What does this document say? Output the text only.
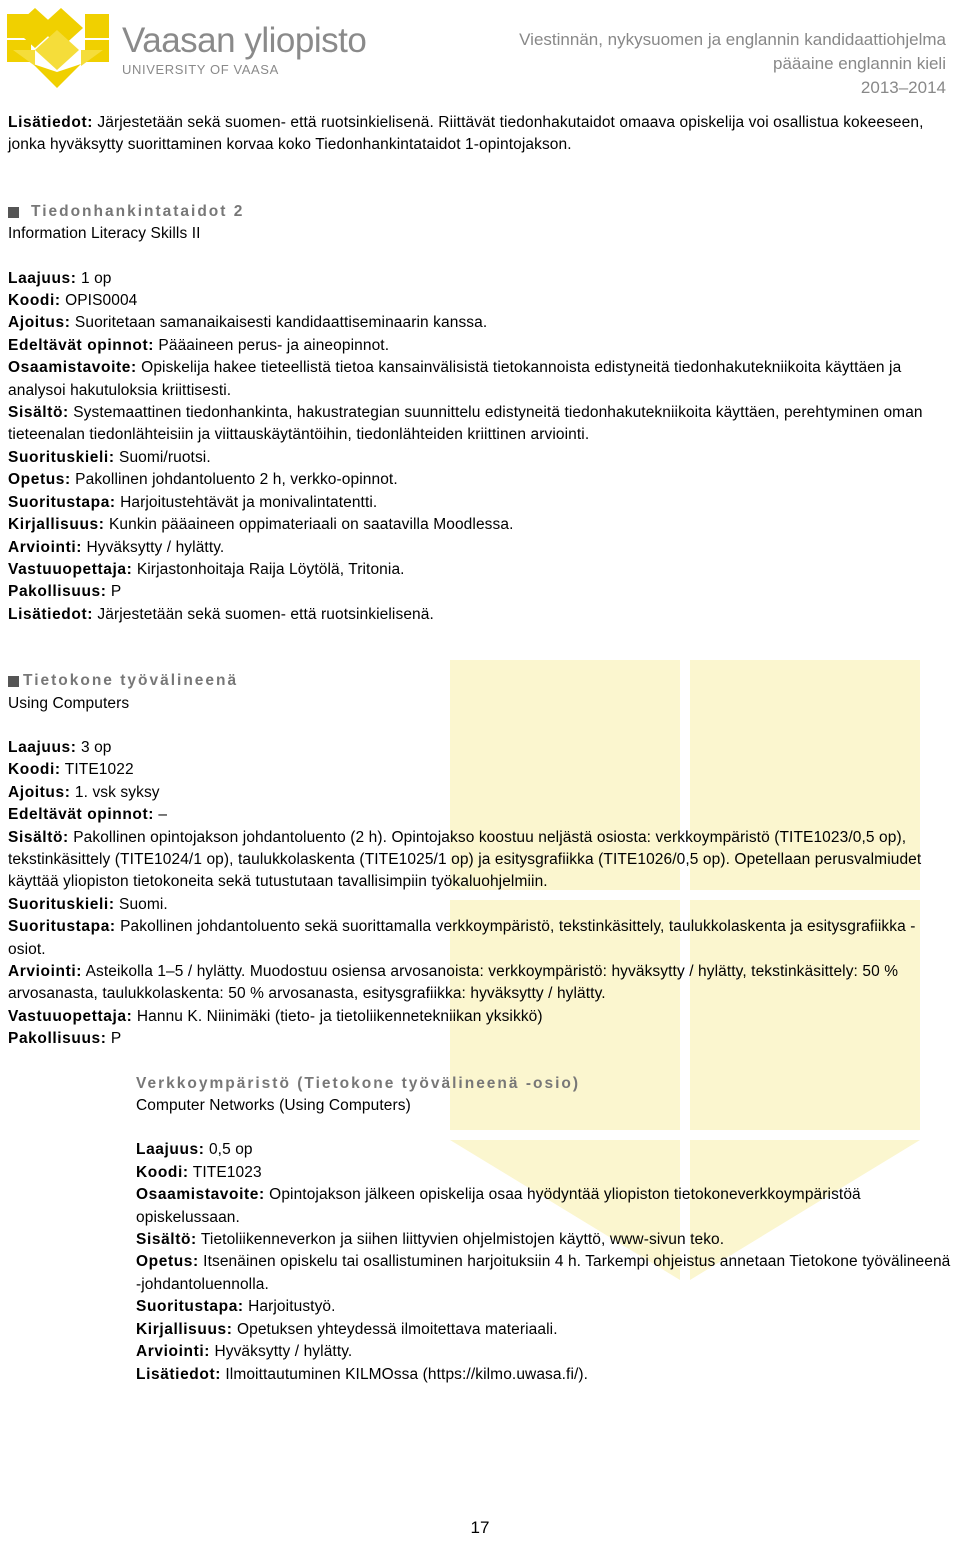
Vaasan yliopisto
UNIVERSITY OF VAASA
Viestinnän, nykysuomen ja englannin kandidaattiohjelma
pääaine englannin kieli
2013–2014

Lisätiedot: Järjestetään sekä suomen- että ruotsinkielisenä. Riittävät tiedonhakutaidot omaava opiskelija voi osallistua kokeeseen, jonka hyväksytty suorittaminen korvaa koko Tiedonhankintataidot 1-opintojakson.

Tiedonhankintataidot 2

Information Literacy Skills II

Laajuus: 1 op

Koodi: OPIS0004

Ajoitus: Suoritetaan samanaikaisesti kandidaattiseminaarin kanssa.

Edeltävät opinnot: Pääaineen perus- ja aineopinnot.

Osaamistavoite: Opiskelija hakee tieteellistä tietoa kansainvälisistä tietokannoista edistyneitä tiedonhakutekniikoita käyttäen ja analysoi hakutuloksia kriittisesti.

Sisältö: Systemaattinen tiedonhankinta, hakustrategian suunnittelu edistyneitä tiedonhakutekniikoita käyttäen, perehtyminen oman tieteenalan tiedonlähteisiin ja viittauskäytäntöihin, tiedonlähteiden kriittinen arviointi.

Suorituskieli: Suomi/ruotsi.

Opetus: Pakollinen johdantoluento 2 h, verkko-opinnot.

Suoritustapa: Harjoitustehtävät ja monivalintatentti.

Kirjallisuus: Kunkin pääaineen oppimateriaali on saatavilla Moodlessa.

Arviointi: Hyväksytty / hylätty.

Vastuuopettaja: Kirjastonhoitaja Raija Löytölä, Tritonia.

Pakollisuus: P

Lisätiedot: Järjestetään sekä suomen- että ruotsinkielisenä.

Tietokone työvälineenä

Using Computers

Laajuus: 3 op

Koodi: TITE1022

Ajoitus: 1. vsk syksy

Edeltävät opinnot: –

Sisältö: Pakollinen opintojakson johdantoluento (2 h). Opintojakso koostuu neljästä osiosta: verkkoympäristö (TITE1023/0,5 op), tekstinkäsittely (TITE1024/1 op), taulukkolaskenta (TITE1025/1 op) ja esitysgrafiikka (TITE1026/0,5 op). Opetellaan perusvalmiudet käyttää yliopiston tietokoneita sekä tutustutaan tavallisimpiin työkaluohjelmiin.

Suorituskieli: Suomi.

Suoritustapa: Pakollinen johdantoluento sekä suorittamalla verkkoympäristö, tekstinkäsittely, taulukkolaskenta ja esitysgrafiikka -osiot.

Arviointi: Asteikolla 1–5 / hylätty. Muodostuu osiensa arvosanoista: verkkoympäristö: hyväksytty / hylätty, tekstinkäsittely: 50 % arvosanasta, taulukkolaskenta: 50 % arvosanasta, esitysgrafiikka: hyväksytty / hylätty.

Vastuuopettaja: Hannu K. Niinimäki (tieto- ja tietoliikennetekniikan yksikkö)

Pakollisuus: P

Verkkoympäristö (Tietokone työvälineenä -osio)

Computer Networks (Using Computers)

Laajuus: 0,5 op

Koodi: TITE1023

Osaamistavoite: Opintojakson jälkeen opiskelija osaa hyödyntää yliopiston tietokoneverkkoympäristöä opiskelussaan.

Sisältö: Tietoliikenneverkon ja siihen liittyvien ohjelmistojen käyttö, www-sivun teko.

Opetus: Itsenäinen opiskelu tai osallistuminen harjoituksiin 4 h. Tarkempi ohjeistus annetaan Tietokone työvälineenä -johdantoluennolla.

Suoritustapa: Harjoitustyö.

Kirjallisuus: Opetuksen yhteydessä ilmoitettava materiaali.

Arviointi: Hyväksytty / hylätty.

Lisätiedot: Ilmoittautuminen KILMOssa (https://kilmo.uwasa.fi/).

17
